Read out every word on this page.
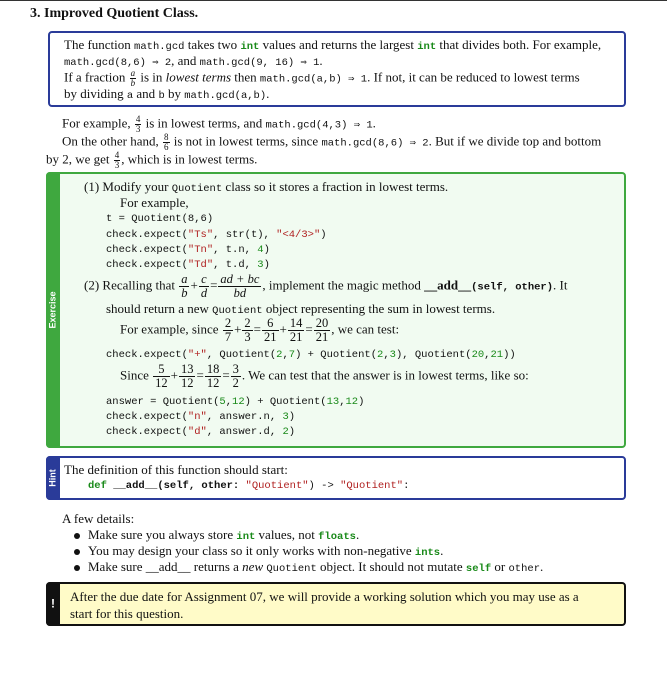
3. Improved Quotient Class.
The function math.gcd takes two int values and returns the largest int that divides both. For example,
math.gcd(8,6) ⇒ 2, and math.gcd(9, 16) ⇒ 1.
If a fraction $\frac{a}{b}$ is in lowest terms then math.gcd(a,b) ⇒ 1. If not, it can be reduced to lowest terms
by dividing a and b by math.gcd(a,b).
For example, $\frac{4}{3}$ is in lowest terms, and math.gcd(4,3) ⇒ 1.
On the other hand, $\frac{8}{6}$ is not in lowest terms, since math.gcd(8,6) ⇒ 2. But if we divide top and bottom
by 2, we get $\frac{4}{3}$ , which is in lowest terms.
Exercise
(1) Modify your Quotient class so it stores a fraction in lowest terms.
For example,
t = Quotient(8,6)
check.expect("Ts", str(t), "<4/3>")
check.expect("Tn", t.n, 4)
check.expect("Td", t.d, 3)
(2) Recalling that $\frac{a}{b} + \frac{c}{d} = \frac{ad + bc}{bd}$ , implement the magic method __add__(self, other). It
should return a new Quotient object representing the sum in lowest terms.
For example, since $\frac{2}{7} + \frac{2}{3} = \frac{6}{21} + \frac{14}{21} = \frac{20}{21}$ , we can test:
check.expect("+", Quotient(2,7) + Quotient(2,3), Quotient(20,21))
Since $\frac{5}{12} + \frac{13}{12} = \frac{18}{12} = \frac{3}{2}$ . We can test that the answer is in lowest terms, like so:
answer = Quotient(5,12) + Quotient(13,12)
check.expect("n", answer.n, 3)
check.expect("d", answer.d, 2)
Hint The definition of this function should start:
def __add__(self, other: "Quotient") -> "Quotient":
A few details:
Make sure you always store int values, not floats.
You may design your class so it only works with non-negative ints.
Make sure __add__ returns a new Quotient object. It should not mutate self or other.
! After the due date for Assignment 07, we will provide a working solution which you may use as a
start for this question.
